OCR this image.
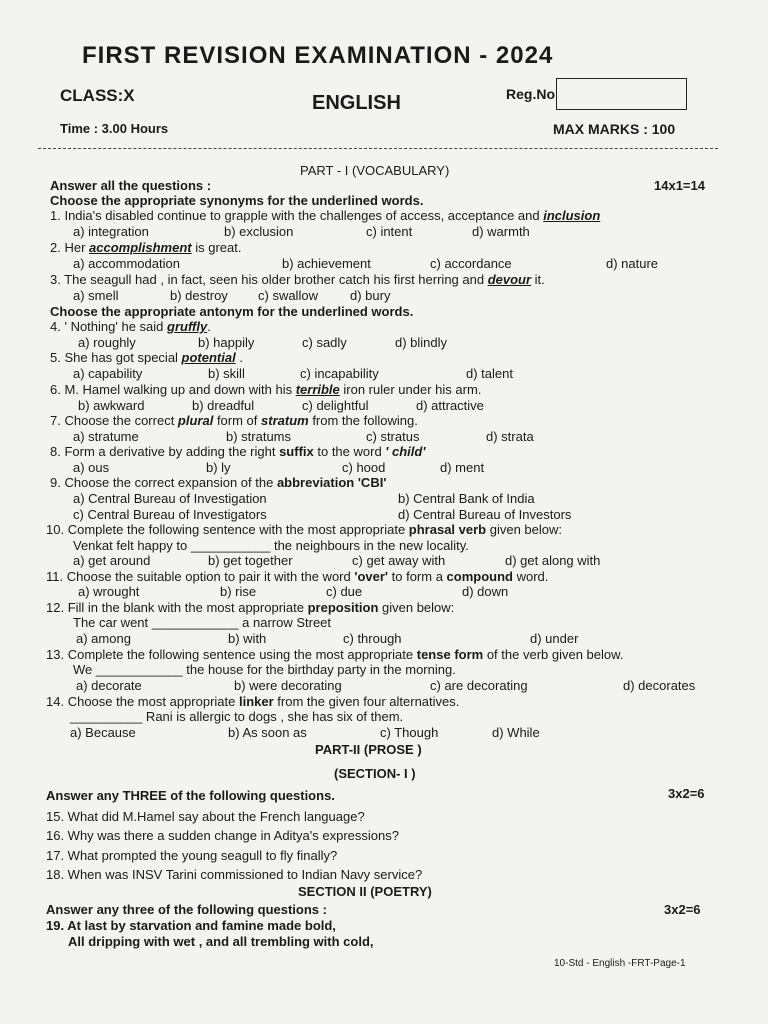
FIRST REVISION EXAMINATION - 2024
CLASS:X	ENGLISH	Reg.No
Time : 3.00 Hours	MAX MARKS : 100
PART - I (VOCABULARY)
Answer all the questions :	14x1=14
Choose the appropriate synonyms for the underlined words.
1. India's disabled continue to grapple with the challenges of access, acceptance and inclusion
a) integration	b) exclusion	c) intent	d) warmth
2. Her accomplishment is great.
a) accommodation	b) achievement	c) accordance	d) nature
3. The seagull had , in fact, seen his older brother catch his first herring and devour it.
a) smell	b) destroy c) swallow d) bury
Choose the appropriate antonym for the underlined words.
4. ' Nothing' he said gruffly.
a) roughly	b) happily	c) sadly	d) blindly
5. She has got special potential .
a) capability	b) skill	c) incapability	d) talent
6. M. Hamel walking up and down with his terrible iron ruler under his arm.
b) awkward	b) dreadful	c) delightful	d) attractive
7. Choose the correct plural form of stratum from the following.
a) stratume	b) stratums	c) stratus	d) strata
8. Form a derivative by adding the right suffix to the word ' child'
a) ous	b) ly	c) hood	d) ment
9. Choose the correct expansion of the abbreviation 'CBI'
a) Central Bureau of Investigation	b) Central Bank of India
c) Central Bureau of Investigators	d) Central Bureau of Investors
10. Complete the following sentence with the most appropriate phrasal verb given below:
Venkat felt happy to ___________ the neighbours in the new locality.
a) get around	b) get together	c) get away with	d) get along with
11. Choose the suitable option to pair it with the word 'over' to form a compound word.
a) wrought	b) rise	c) due	d) down
12. Fill in the blank with the most appropriate preposition given below:
The car went ____________ a narrow Street
a) among	b) with	c) through	d) under
13. Complete the following sentence using the most appropriate tense form of the verb given below.
We ____________ the house for the birthday party in the morning.
a) decorate	b) were decorating	c) are decorating	d) decorates
14. Choose the most appropriate linker from the given four alternatives.
__________ Rani is allergic to dogs , she has six of them.
a) Because	b) As soon as	c) Though	d) While
PART-II (PROSE )
(SECTION- I )
Answer any THREE of the following questions.	3x2=6
15. What did M.Hamel say about the French language?
16. Why was there a sudden change in Aditya's expressions?
17. What prompted the young seagull to fly finally?
18. When was INSV Tarini commissioned to Indian Navy service?
SECTION II (POETRY)
Answer any three of the following questions :	3x2=6
19. At last by starvation and famine made bold,
All dripping with wet , and all trembling with cold,
10-Std - English -FRT-Page-1
